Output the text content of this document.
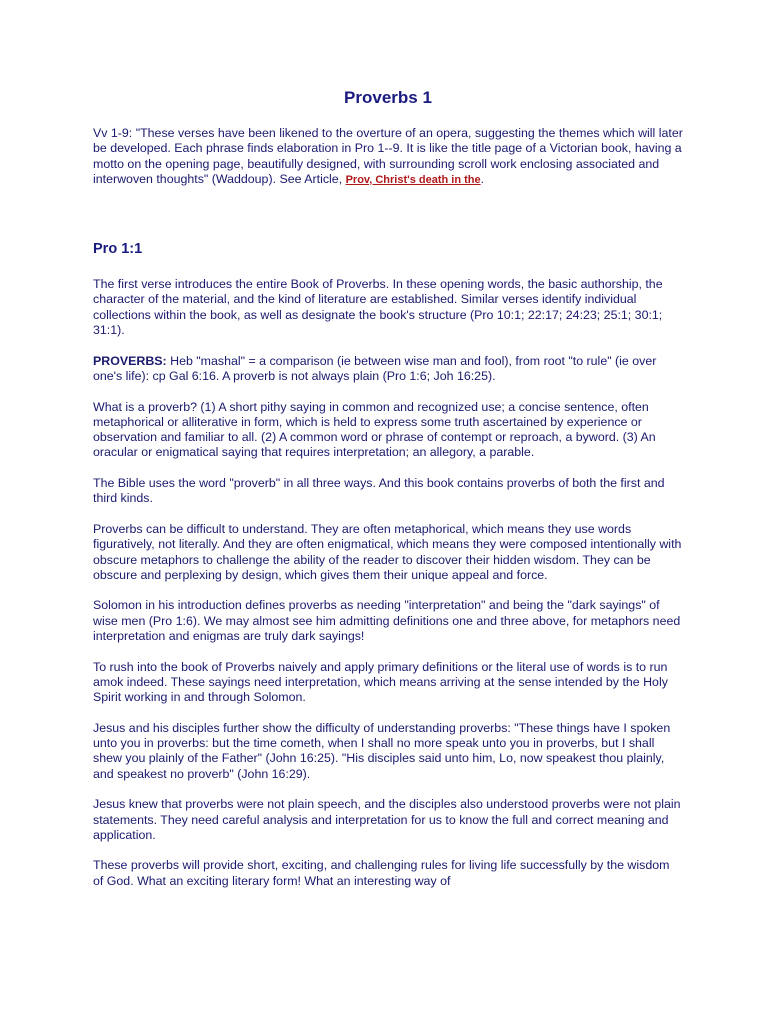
Proverbs 1

Vv 1-9: "These verses have been likened to the overture of an opera, suggesting the themes which will later be developed. Each phrase finds elaboration in Pro 1--9. It is like the title page of a Victorian book, having a motto on the opening page, beautifully designed, with surrounding scroll work enclosing associated and interwoven thoughts" (Waddoup). See Article, Prov, Christ's death in the.

Pro 1:1

The first verse introduces the entire Book of Proverbs. In these opening words, the basic authorship, the character of the material, and the kind of literature are established. Similar verses identify individual collections within the book, as well as designate the book's structure (Pro 10:1; 22:17; 24:23; 25:1; 30:1; 31:1).

PROVERBS: Heb "mashal" = a comparison (ie between wise man and fool), from root "to rule" (ie over one's life): cp Gal 6:16. A proverb is not always plain (Pro 1:6; Joh 16:25).

What is a proverb? (1) A short pithy saying in common and recognized use; a concise sentence, often metaphorical or alliterative in form, which is held to express some truth ascertained by experience or observation and familiar to all. (2) A common word or phrase of contempt or reproach, a byword. (3) An oracular or enigmatical saying that requires interpretation; an allegory, a parable.

The Bible uses the word "proverb" in all three ways. And this book contains proverbs of both the first and third kinds.

Proverbs can be difficult to understand. They are often metaphorical, which means they use words figuratively, not literally. And they are often enigmatical, which means they were composed intentionally with obscure metaphors to challenge the ability of the reader to discover their hidden wisdom. They can be obscure and perplexing by design, which gives them their unique appeal and force.

Solomon in his introduction defines proverbs as needing "interpretation" and being the "dark sayings" of wise men (Pro 1:6). We may almost see him admitting definitions one and three above, for metaphors need interpretation and enigmas are truly dark sayings!

To rush into the book of Proverbs naively and apply primary definitions or the literal use of words is to run amok indeed. These sayings need interpretation, which means arriving at the sense intended by the Holy Spirit working in and through Solomon.

Jesus and his disciples further show the difficulty of understanding proverbs: "These things have I spoken unto you in proverbs: but the time cometh, when I shall no more speak unto you in proverbs, but I shall shew you plainly of the Father" (John 16:25). "His disciples said unto him, Lo, now speakest thou plainly, and speakest no proverb" (John 16:29).

Jesus knew that proverbs were not plain speech, and the disciples also understood proverbs were not plain statements. They need careful analysis and interpretation for us to know the full and correct meaning and application.

These proverbs will provide short, exciting, and challenging rules for living life successfully by the wisdom of God. What an exciting literary form! What an interesting way of
